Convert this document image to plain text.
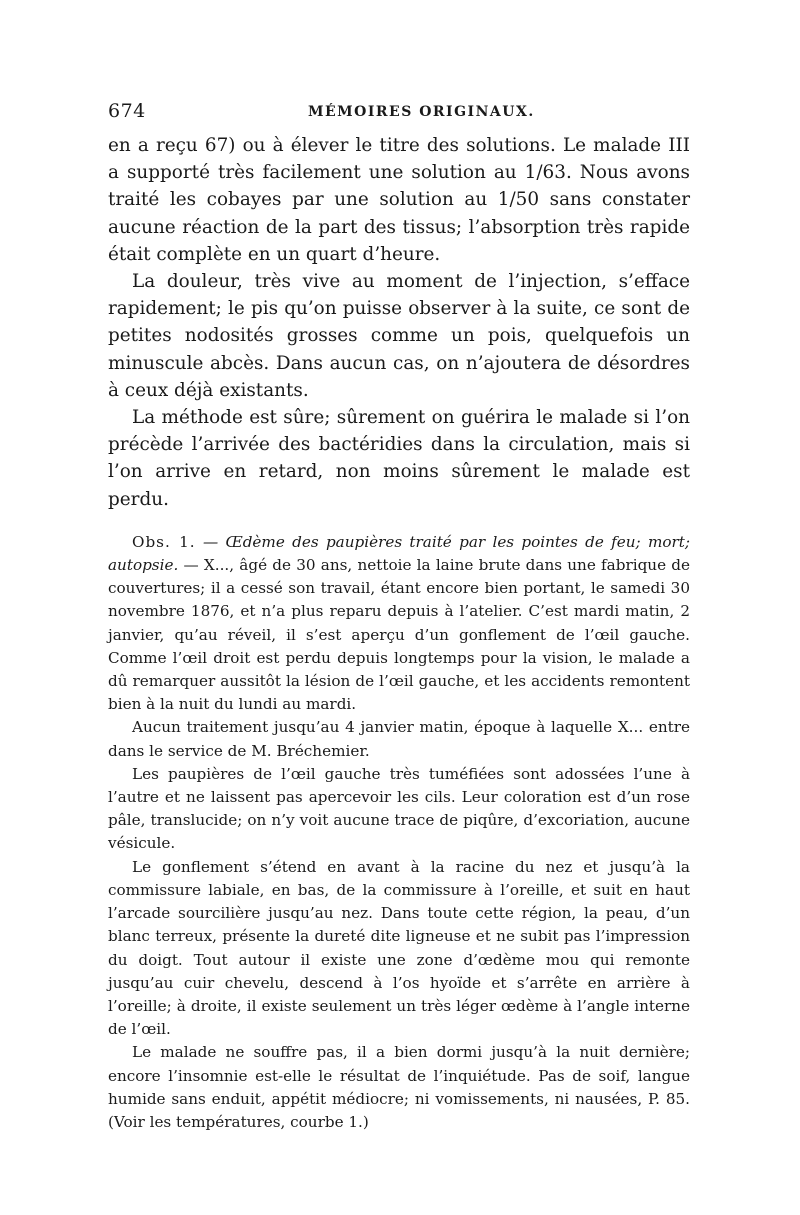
674	MÉMOIRES ORIGINAUX.

en a reçu 67) ou à élever le titre des solutions. Le malade III a supporté très facilement une solution au 1/63. Nous avons traité les cobayes par une solution au 1/50 sans constater aucune réaction de la part des tissus; l’absorption très rapide était complète en un quart d’heure.

La douleur, très vive au moment de l’injection, s’efface rapidement; le pis qu’on puisse observer à la suite, ce sont de petites nodosités grosses comme un pois, quelquefois un minuscule abcès. Dans aucun cas, on n’ajoutera de désordres à ceux déjà existants.

La méthode est sûre; sûrement on guérira le malade si l’on précède l’arrivée des bactéridies dans la circulation, mais si l’on arrive en retard, non moins sûrement le malade est perdu.

Obs. 1. — Œdème des paupières traité par les pointes de feu; mort; autopsie. — X..., âgé de 30 ans, nettoie la laine brute dans une fabrique de couvertures; il a cessé son travail, étant encore bien portant, le samedi 30 novembre 1876, et n’a plus reparu depuis à l’atelier. C’est mardi matin, 2 janvier, qu’au réveil, il s’est aperçu d’un gonflement de l’œil gauche. Comme l’œil droit est perdu depuis longtemps pour la vision, le malade a dû remarquer aussitôt la lésion de l’œil gauche, et les accidents remontent bien à la nuit du lundi au mardi.

Aucun traitement jusqu’au 4 janvier matin, époque à laquelle X... entre dans le service de M. Bréchemier.

Les paupières de l’œil gauche très tuméfiées sont adossées l’une à l’autre et ne laissent pas apercevoir les cils. Leur coloration est d’un rose pâle, translucide; on n’y voit aucune trace de piqûre, d’excoriation, aucune vésicule.

Le gonflement s’étend en avant à la racine du nez et jusqu’à la commissure labiale, en bas, de la commissure à l’oreille, et suit en haut l’arcade sourcilière jusqu’au nez. Dans toute cette région, la peau, d’un blanc terreux, présente la dureté dite ligneuse et ne subit pas l’impression du doigt. Tout autour il existe une zone d’œdème mou qui remonte jusqu’au cuir chevelu, descend à l’os hyoïde et s’arrête en arrière à l’oreille; à droite, il existe seulement un très léger œdème à l’angle interne de l’œil.

Le malade ne souffre pas, il a bien dormi jusqu’à la nuit dernière; encore l’insomnie est-elle le résultat de l’inquiétude. Pas de soif, langue humide sans enduit, appétit médiocre; ni vomissements, ni nausées, P. 85. (Voir les températures, courbe 1.)
